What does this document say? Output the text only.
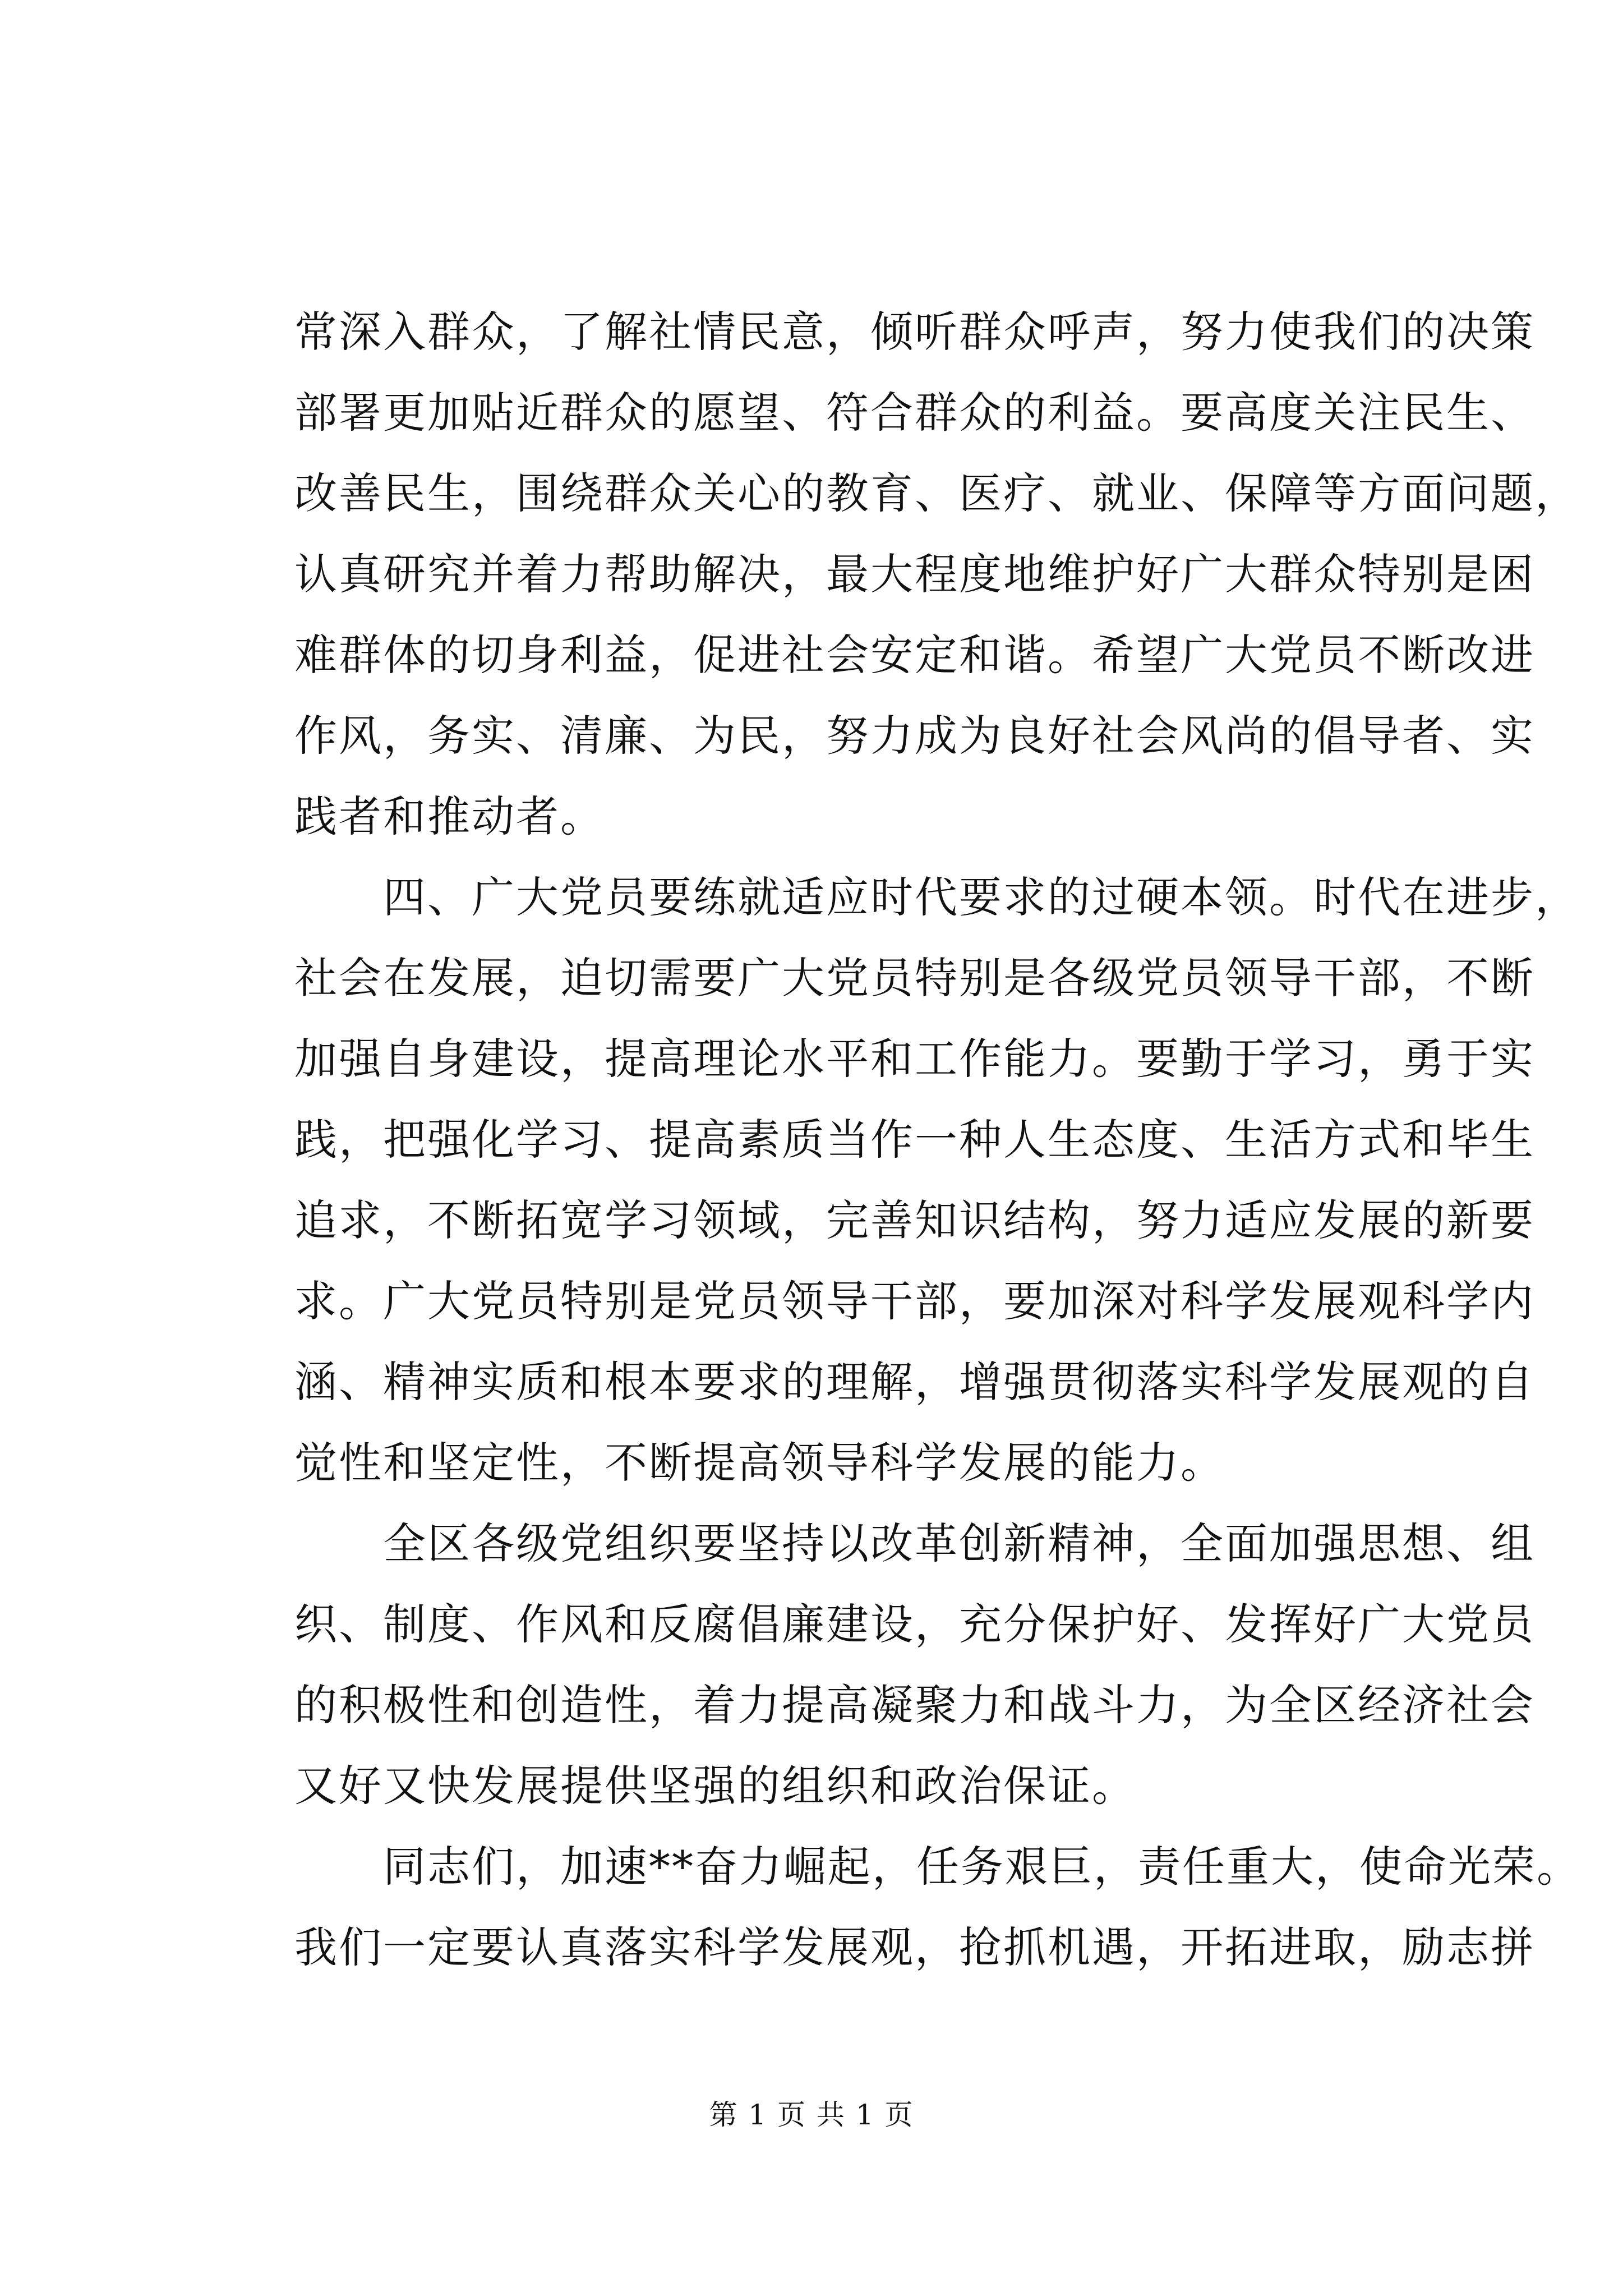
常深入群众，了解社情民意，倾听群众呼声，努力使我们的决策
部署更加贴近群众的愿望、符合群众的利益。要高度关注民生、
改善民生，围绕群众关心的教育、医疗、就业、保障等方面问题，
认真研究并着力帮助解决，最大程度地维护好广大群众特别是困
难群体的切身利益，促进社会安定和谐。希望广大党员不断改进
作风，务实、清廉、为民，努力成为良好社会风尚的倡导者、实
践者和推动者。
　　四、广大党员要练就适应时代要求的过硬本领。时代在进步，
社会在发展，迫切需要广大党员特别是各级党员领导干部，不断
加强自身建设，提高理论水平和工作能力。要勤于学习，勇于实
践，把强化学习、提高素质当作一种人生态度、生活方式和毕生
追求，不断拓宽学习领域，完善知识结构，努力适应发展的新要
求。广大党员特别是党员领导干部，要加深对科学发展观科学内
涵、精神实质和根本要求的理解，增强贯彻落实科学发展观的自
觉性和坚定性，不断提高领导科学发展的能力。
　　全区各级党组织要坚持以改革创新精神，全面加强思想、组
织、制度、作风和反腐倡廉建设，充分保护好、发挥好广大党员
的积极性和创造性，着力提高凝聚力和战斗力，为全区经济社会
又好又快发展提供坚强的组织和政治保证。
　　同志们，加速**奋力崛起，任务艰巨，责任重大，使命光荣。
我们一定要认真落实科学发展观，抢抓机遇，开拓进取，励志拼
第 1 页 共 1 页
